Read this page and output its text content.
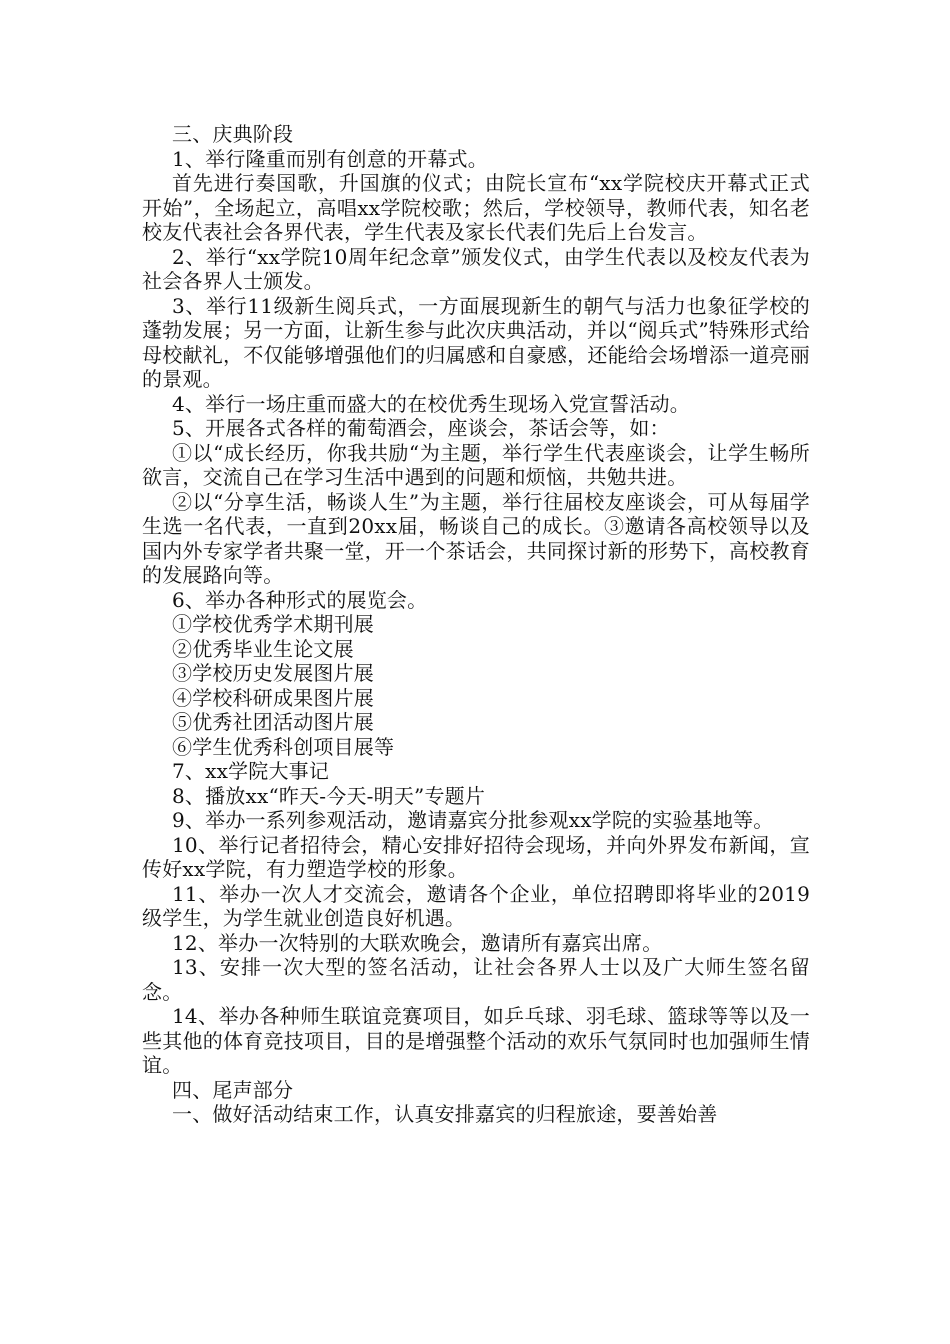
三、庆典阶段

1、举行隆重而别有创意的开幕式。

首先进行奏国歌，升国旗的仪式；由院长宣布“xx学院校庆开幕式正式开始”，全场起立，高唱xx学院校歌；然后，学校领导，教师代表，知名老校友代表社会各界代表，学生代表及家长代表们先后上台发言。

2、举行“xx学院10周年纪念章”颁发仪式，由学生代表以及校友代表为社会各界人士颁发。

3、举行11级新生阅兵式，一方面展现新生的朝气与活力也象征学校的蓬勃发展；另一方面，让新生参与此次庆典活动，并以“阅兵式”特殊形式给母校献礼，不仅能够增强他们的归属感和自豪感，还能给会场增添一道亮丽的景观。

4、举行一场庄重而盛大的在校优秀生现场入党宣誓活动。

5、开展各式各样的葡萄酒会，座谈会，茶话会等，如：

①以“成长经历，你我共励“为主题，举行学生代表座谈会，让学生畅所欲言，交流自己在学习生活中遇到的问题和烦恼，共勉共进。

②以“分享生活，畅谈人生”为主题，举行往届校友座谈会，可从每届学生选一名代表，一直到20xx届，畅谈自己的成长。③邀请各高校领导以及国内外专家学者共聚一堂，开一个茶话会，共同探讨新的形势下，高校教育的发展路向等。

6、举办各种形式的展览会。

①学校优秀学术期刊展

②优秀毕业生论文展

③学校历史发展图片展

④学校科研成果图片展

⑤优秀社团活动图片展

⑥学生优秀科创项目展等

7、xx学院大事记

8、播放xx“昨天-今天-明天”专题片

9、举办一系列参观活动，邀请嘉宾分批参观xx学院的实验基地等。

10、举行记者招待会，精心安排好招待会现场，并向外界发布新闻，宣传好xx学院，有力塑造学校的形象。

11、举办一次人才交流会，邀请各个企业，单位招聘即将毕业的2019级学生，为学生就业创造良好机遇。

12、举办一次特别的大联欢晚会，邀请所有嘉宾出席。

13、安排一次大型的签名活动，让社会各界人士以及广大师生签名留念。

14、举办各种师生联谊竞赛项目，如乒乓球、羽毛球、篮球等等以及一些其他的体育竞技项目，目的是增强整个活动的欢乐气氛同时也加强师生情谊。

四、尾声部分

一、做好活动结束工作，认真安排嘉宾的归程旅途，要善始善
